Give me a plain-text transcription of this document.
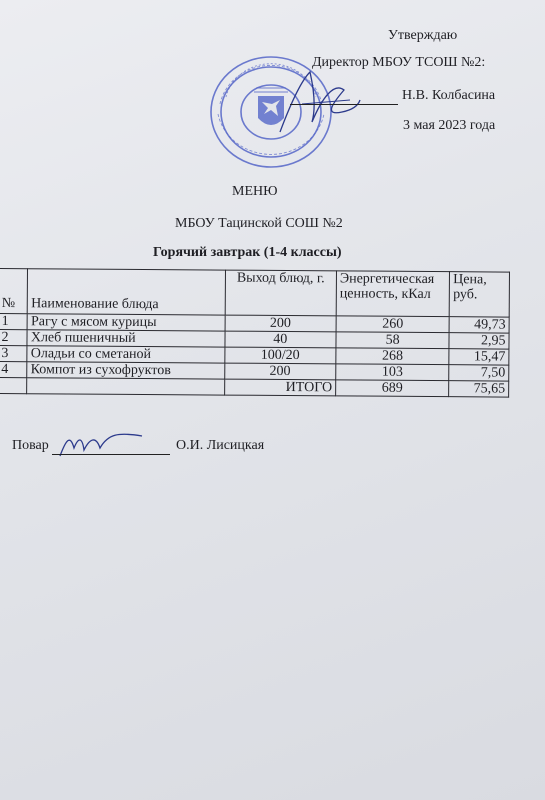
Утверждаю
Директор МБОУ ТСОШ №2:
Н.В. Колбасина
3 мая 2023 года
МЕНЮ
МБОУ Тацинской СОШ №2
Горячий завтрак (1-4 классы)
№	Наименование блюда	Выход блюд, г.	Энергетическая ценность, кКал	Цена, руб.
1	Рагу с мясом курицы	200	260	49,73
2	Хлеб пшеничный	40	58	2,95
3	Оладьи со сметаной	100/20	268	15,47
4	Компот из сухофруктов	200	103	7,50
		ИТОГО	689	75,65
Повар	О.И. Лисицкая
